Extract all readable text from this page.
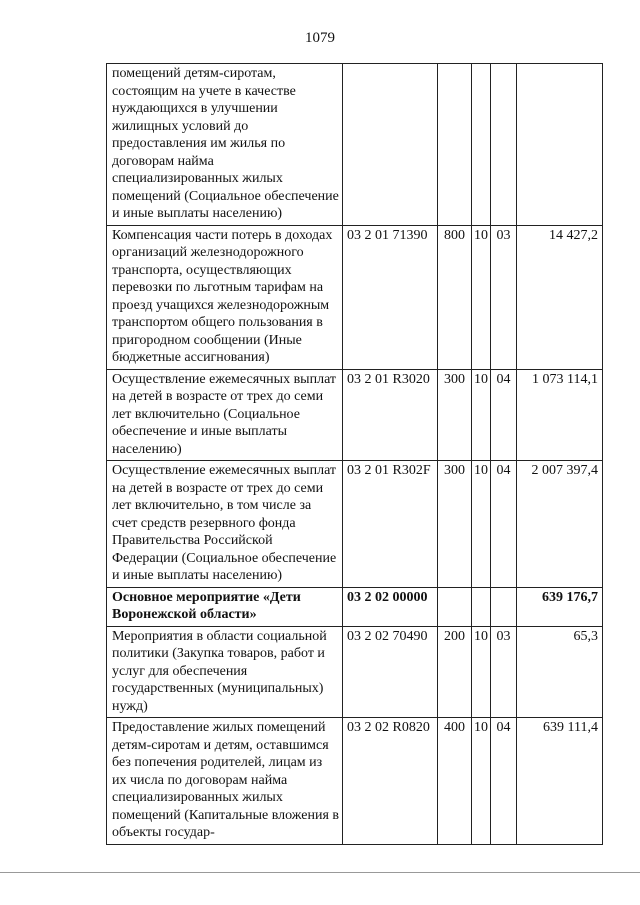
1079
помещений детям-сиротам, состоящим на учете в качестве нуждающихся в улучшении жилищных условий до предоставления им жилья по договорам найма специализированных жилых помещений (Социальное обеспечение и иные выплаты населению)					
Компенсация части потерь в доходах организаций железнодорожного транспорта, осуществляющих перевозки по льготным тарифам на проезд учащихся железнодорожным транспортом общего пользования в пригородном сообщении (Иные бюджетные ассигнования)	03 2 01 71390	800	10	03	14 427,2
Осуществление ежемесячных выплат на детей в возрасте от трех до семи лет включительно (Социальное обеспечение и иные выплаты населению)	03 2 01 R3020	300	10	04	1 073 114,1
Осуществление ежемесячных выплат на детей в возрасте от трех до семи лет включительно, в том числе за счет средств резервного фонда Правительства Российской Федерации (Социальное обеспечение и иные выплаты населению)	03 2 01 R302F	300	10	04	2 007 397,4
Основное мероприятие «Дети Воронежской области»	03 2 02 00000				639 176,7
Мероприятия в области социальной политики (Закупка товаров, работ и услуг для обеспечения государственных (муниципальных) нужд)	03 2 02 70490	200	10	03	65,3
Предоставление жилых помещений детям-сиротам и детям, оставшимся без попечения родителей, лицам из их числа по договорам найма специализированных жилых помещений (Капитальные вложения в объекты государ-	03 2 02 R0820	400	10	04	639 111,4
